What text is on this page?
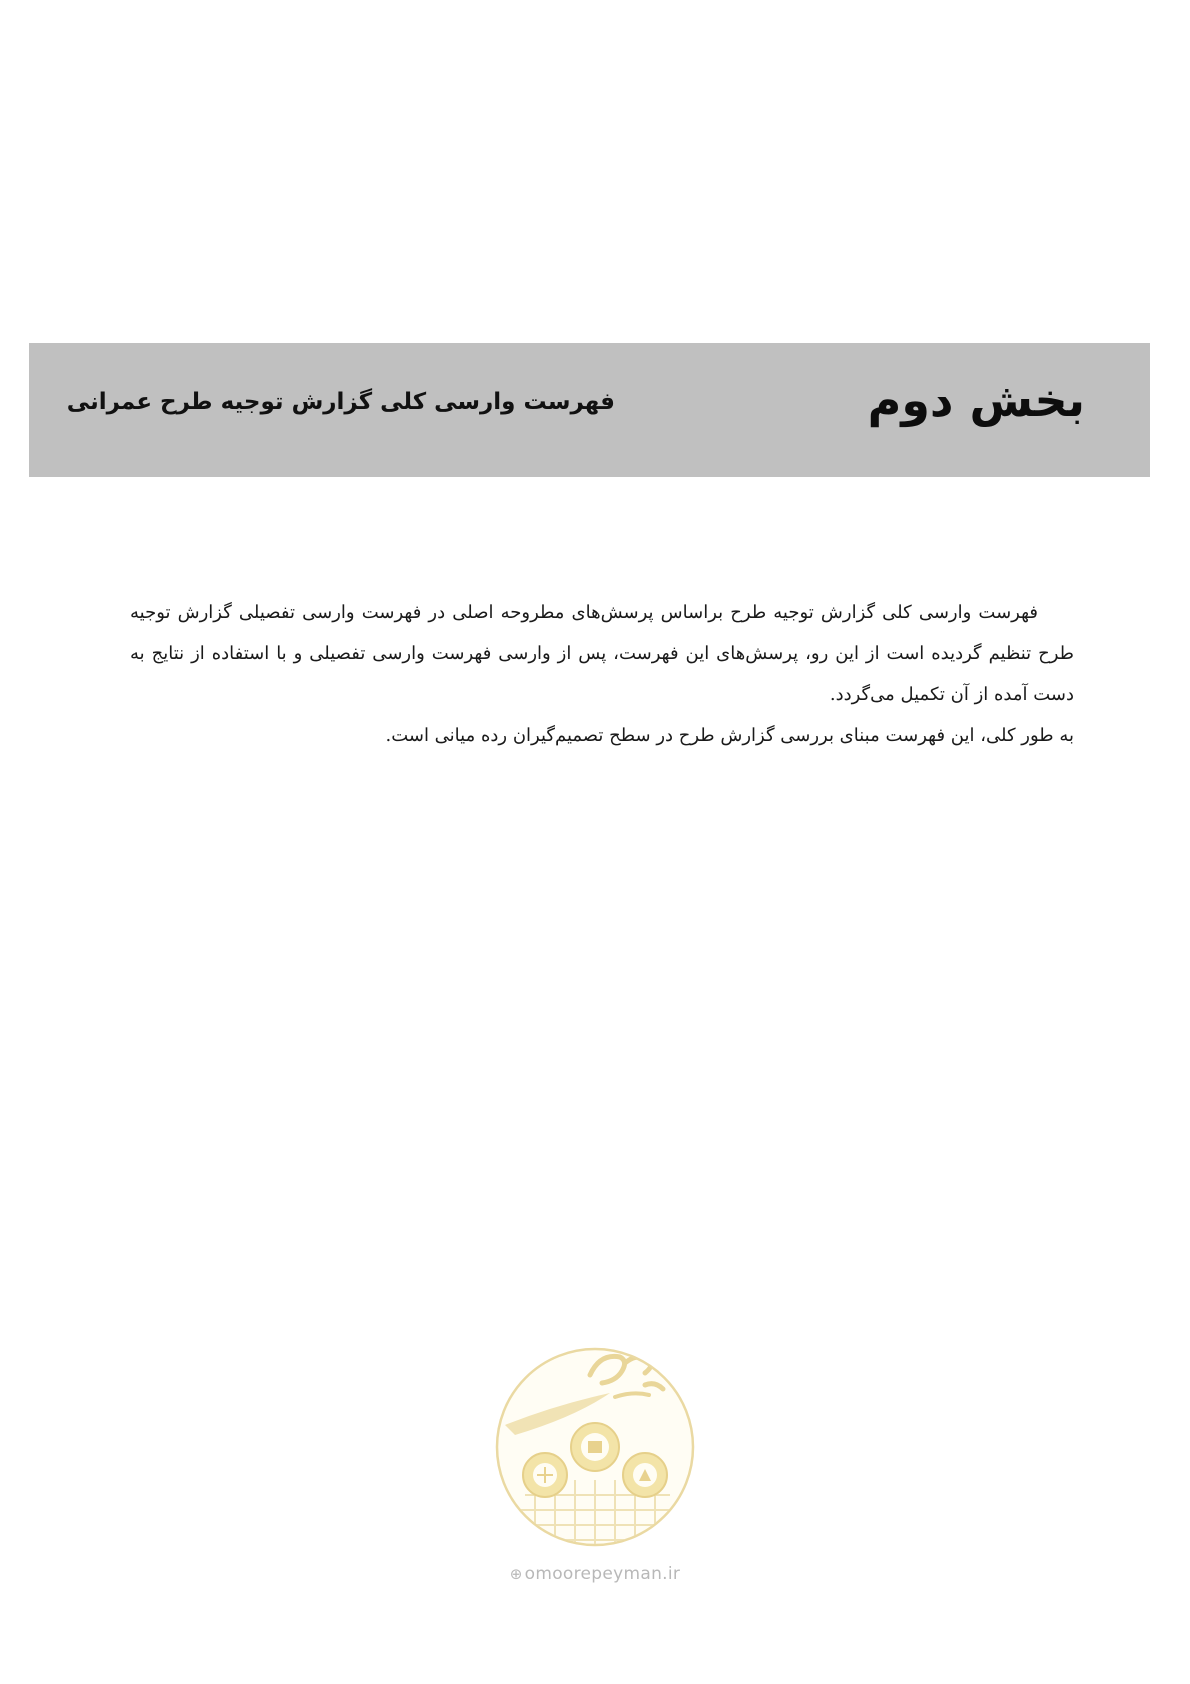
بخش دوم
فهرست وارسی کلی گزارش توجیه طرح عمرانی

فهرست وارسی کلی گزارش توجیه طرح براساس پرسش‌های مطروحه اصلی در فهرست وارسی تفصیلی گزارش توجیه طرح تنظیم گردیده است از این رو، پرسش‌های این فهرست، پس از وارسی فهرست وارسی تفصیلی و با استفاده از نتایج به دست آمده از آن تکمیل می‌گردد.

به طور کلی، این فهرست مبنای بررسی گزارش طرح در سطح تصمیم‌گیران رده میانی است.

⊕ omoorepeyman.ir
